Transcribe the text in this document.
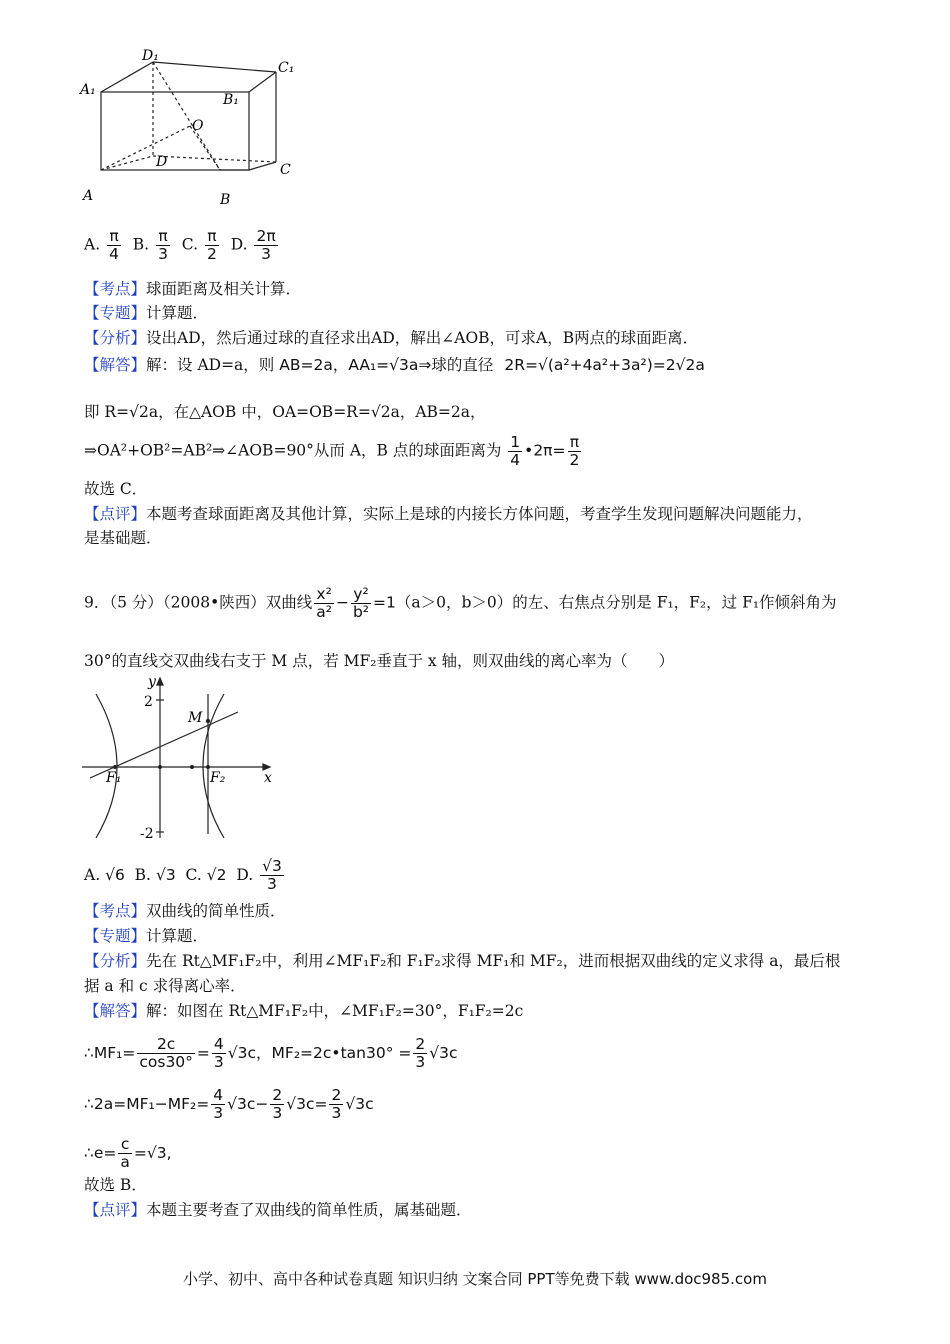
D₁
C₁
A₁
B₁
O
D	C
A	B
A. $\frac{\pi}{4} B$. $\frac{\pi}{3} C$. $\frac{\pi}{2} D$. $\frac{2\pi}{3}$
【考点】球面距离及相关计算．
【专题】计算题．
【分析】设出AD，然后通过球的直径求出AD，解出∠AOB，可求A，B两点的球面距离．
【解答】解：设 AD=a，则 AB=2a，AA₁=√3a⇒球的直径 2R=√(a²+4a²+3a²)=2√2a
即 R=√2a，在△AOB 中，OA=OB=R=√2a，AB=2a，
⇒OA²+OB²=AB²⇒∠AOB=90°从而 A，B 点的球面距离为 $\frac{1}{4}$ •2π= $\frac{\pi}{2}$
故选 C．
【点评】本题考查球面距离及其他计算，实际上是球的内接长方体问题，考查学生发现问题解决问题能力，
是基础题．
9．（5 分）（2008•陕西）双曲线 $\frac{\text{x²}}{\text{a²}} - \frac{\text{y²}}{\text{b²}} =1(a>0$，b＞0）的左、右焦点分别是 F₁，F₂，过 F₁作倾斜角为
30°的直线交双曲线右支于 M 点，若 MF₂垂直于 x 轴，则双曲线的离心率为（　　）
y
x
2
-2
M
F₁	F₂
A. √6 B. √3 C. √2 D. $\frac{√3}{3}$
【考点】双曲线的简单性质．
【专题】计算题．
【分析】先在 Rt△MF₁F₂中，利用∠MF₁F₂和 F₁F₂求得 MF₁和 MF₂，进而根据双曲线的定义求得 a，最后根
据 a 和 c 求得离心率．
【解答】解：如图在 Rt△MF₁F₂中，∠MF₁F₂=30°，F₁F₂=2c
∴MF₁= $\frac{2c}{\cos 30^\circ} = \frac{4}{3} √3c$，MF₂=2c•tan30° = $\frac{2}{3} √3c$
∴2a=MF₁−MF₂= $\frac{4}{3} √3c- \frac{2}{3} √3c= \frac{2}{3} √3c$
∴e= $\frac{c}{a} =√3$,
故选 B．
【点评】本题主要考查了双曲线的简单性质，属基础题．
小学、初中、高中各种试卷真题 知识归纳 文案合同 PPT等免费下载 www.doc985.com
